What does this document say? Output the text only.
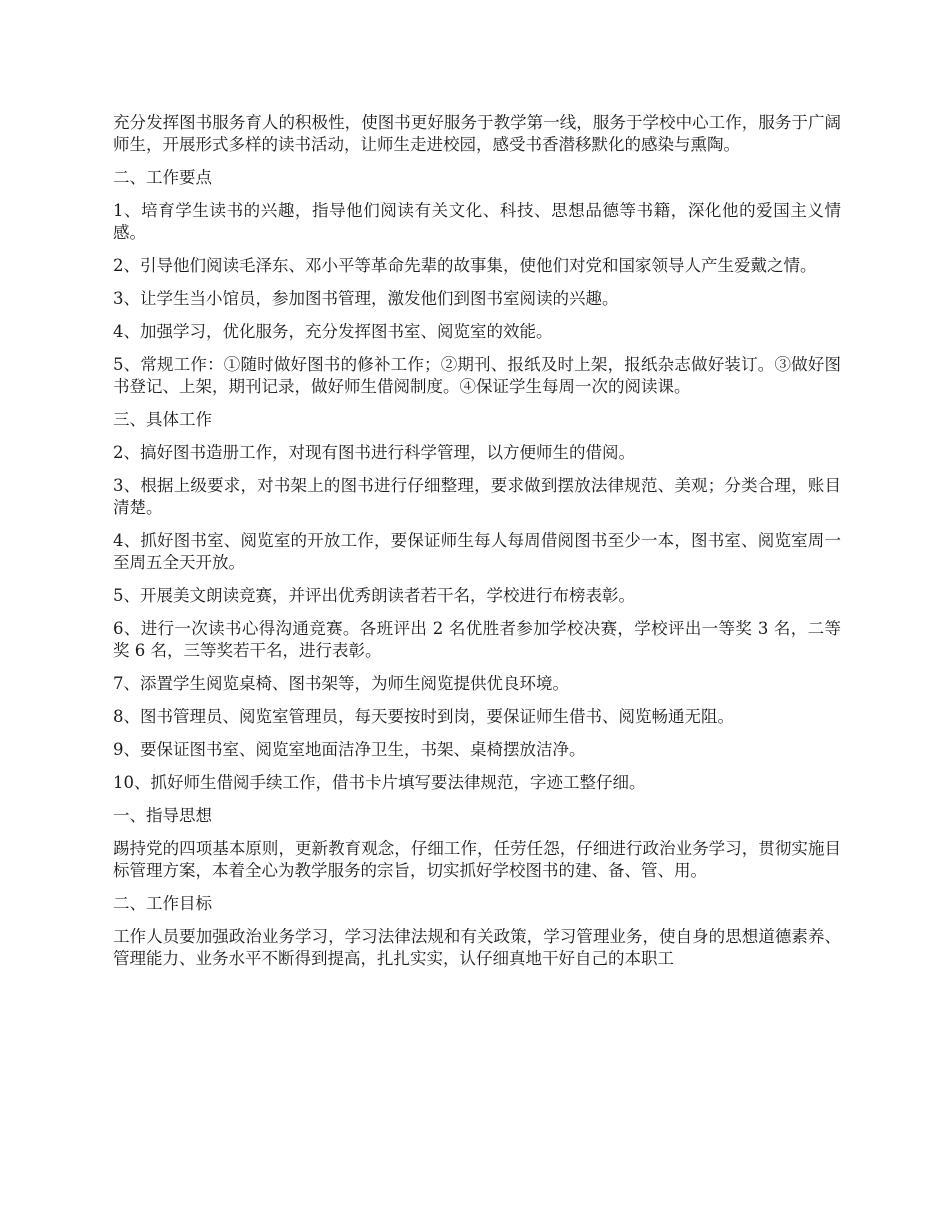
充分发挥图书服务育人的积极性，使图书更好服务于教学第一线，服务于学校中心工作，服务于广阔师生，开展形式多样的读书活动，让师生走进校园，感受书香潜移默化的感染与熏陶。

二、工作要点

1、培育学生读书的兴趣，指导他们阅读有关文化、科技、思想品德等书籍，深化他的爱国主义情感。

2、引导他们阅读毛泽东、邓小平等革命先辈的故事集，使他们对党和国家领导人产生爱戴之情。

3、让学生当小馆员，参加图书管理，激发他们到图书室阅读的兴趣。

4、加强学习，优化服务，充分发挥图书室、阅览室的效能。

5、常规工作：①随时做好图书的修补工作；②期刊、报纸及时上架，报纸杂志做好装订。③做好图书登记、上架，期刊记录，做好师生借阅制度。④保证学生每周一次的阅读课。

三、具体工作

2、搞好图书造册工作，对现有图书进行科学管理，以方便师生的借阅。

3、根据上级要求，对书架上的图书进行仔细整理，要求做到摆放法律规范、美观；分类合理，账目清楚。

4、抓好图书室、阅览室的开放工作，要保证师生每人每周借阅图书至少一本，图书室、阅览室周一至周五全天开放。

5、开展美文朗读竞赛，并评出优秀朗读者若干名，学校进行布榜表彰。

6、进行一次读书心得沟通竞赛。各班评出 2 名优胜者参加学校决赛，学校评出一等奖 3 名，二等奖 6 名，三等奖若干名，进行表彰。

7、添置学生阅览桌椅、图书架等，为师生阅览提供优良环境。

8、图书管理员、阅览室管理员，每天要按时到岗，要保证师生借书、阅览畅通无阻。

9、要保证图书室、阅览室地面洁净卫生，书架、桌椅摆放洁净。

10、抓好师生借阅手续工作，借书卡片填写要法律规范，字迹工整仔细。

一、指导思想

踢持党的四项基本原则，更新教育观念，仔细工作，任劳任怨，仔细进行政治业务学习，贯彻实施目标管理方案，本着全心为教学服务的宗旨，切实抓好学校图书的建、备、管、用。

二、工作目标

工作人员要加强政治业务学习，学习法律法规和有关政策，学习管理业务，使自身的思想道德素养、管理能力、业务水平不断得到提高，扎扎实实，认仔细真地干好自己的本职工
